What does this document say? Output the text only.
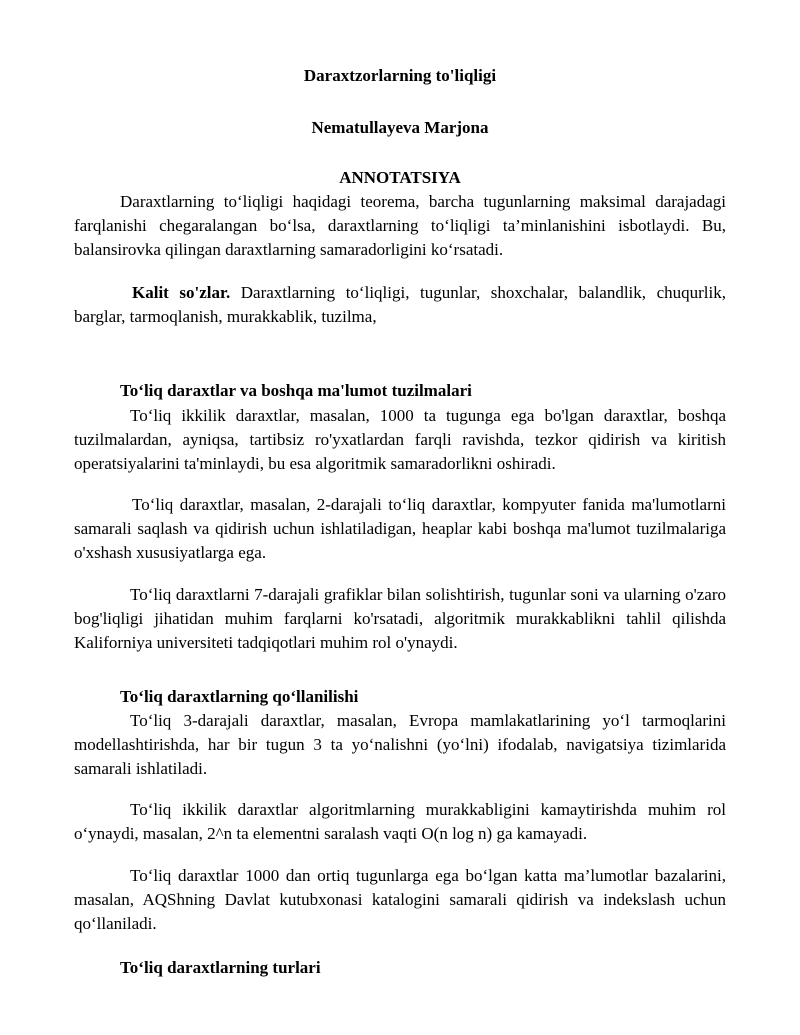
Daraxtzorlarning to'liqligi
Nematullayeva Marjona
ANNOTATSIYA
Daraxtlarning to‘liqligi haqidagi teorema, barcha tugunlarning maksimal darajadagi farqlanishi chegaralangan bo‘lsa, daraxtlarning to‘liqligi ta’minlanishini isbotlaydi. Bu, balansirovka qilingan daraxtlarning samaradorligini ko‘rsatadi.
Kalit so'zlar. Daraxtlarning to‘liqligi, tugunlar, shoxchalar, balandlik, chuqurlik, barglar, tarmoqlanish, murakkablik, tuzilma,
To‘liq daraxtlar va boshqa ma'lumot tuzilmalari
To‘liq ikkilik daraxtlar, masalan, 1000 ta tugunga ega bo'lgan daraxtlar, boshqa tuzilmalardan, ayniqsa, tartibsiz ro'yxatlardan farqli ravishda, tezkor qidirish va kiritish operatsiyalarini ta'minlaydi, bu esa algoritmik samaradorlikni oshiradi.
To‘liq daraxtlar, masalan, 2-darajali to‘liq daraxtlar, kompyuter fanida ma'lumotlarni samarali saqlash va qidirish uchun ishlatiladigan, heaplar kabi boshqa ma'lumot tuzilmalariga o'xshash xususiyatlarga ega.
To‘liq daraxtlarni 7-darajali grafiklar bilan solishtirish, tugunlar soni va ularning o'zaro bog'liqligi jihatidan muhim farqlarni ko'rsatadi, algoritmik murakkablikni tahlil qilishda Kaliforniya universiteti tadqiqotlari muhim rol o'ynaydi.
To‘liq daraxtlarning qo‘llanilishi
To‘liq 3-darajali daraxtlar, masalan, Evropa mamlakatlarining yo‘l tarmoqlarini modellashtirishda, har bir tugun 3 ta yo‘nalishni (yo‘lni) ifodalab, navigatsiya tizimlarida samarali ishlatiladi.
To‘liq ikkilik daraxtlar algoritmlarning murakkabligini kamaytirishda muhim rol o‘ynaydi, masalan, 2^n ta elementni saralash vaqti O(n log n) ga kamayadi.
To‘liq daraxtlar 1000 dan ortiq tugunlarga ega bo‘lgan katta ma’lumotlar bazalarini, masalan, AQShning Davlat kutubxonasi katalogini samarali qidirish va indekslash uchun qo‘llaniladi.
To‘liq daraxtlarning turlari
